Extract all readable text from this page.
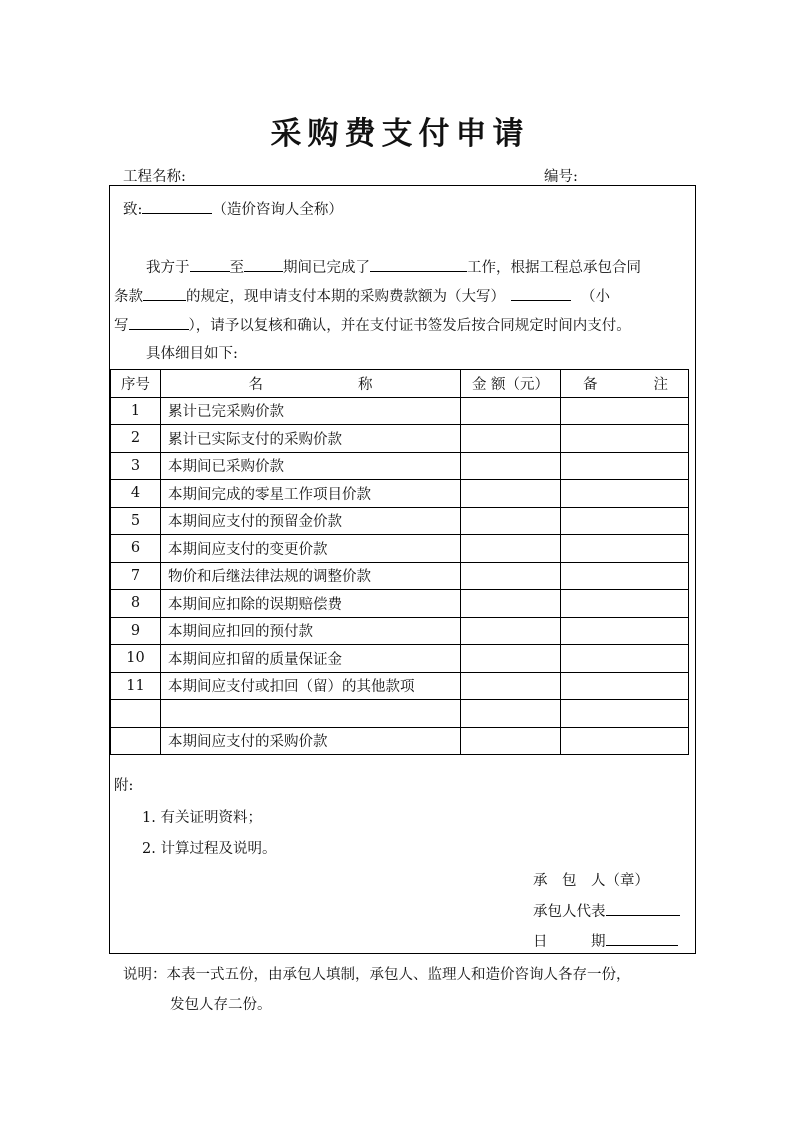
采购费支付申请
工程名称:	编号:
致:	（造价咨询人全称）
我方于	至	期间已完成了	工作，根据工程总承包合同
条款	的规定，现申请支付本期的采购费款额为（大写）	（小
写	），请予以复核和确认，并在支付证书签发后按合同规定时间内支付。
具体细目如下:
序号	名 称	金 额（元）	备 注

1	累计已完采购价款		
2	累计已实际支付的采购价款		
3	本期间已采购价款		
4	本期间完成的零星工作项目价款		
5	本期间应支付的预留金价款		
6	本期间应支付的变更价款		
7	物价和后继法律法规的调整价款		
8	本期间应扣除的误期赔偿费		
9	本期间应扣回的预付款		
10	本期间应扣留的质量保证金		
11	本期间应支付或扣回（留）的其他款项		

	本期间应支付的采购价款		
附:
1. 有关证明资料；
2. 计算过程及说明。
承　包　人（章）
承包人代表
日　　　期
说明：本表一式五份，由承包人填制，承包人、监理人和造价咨询人各存一份，
发包人存二份。
